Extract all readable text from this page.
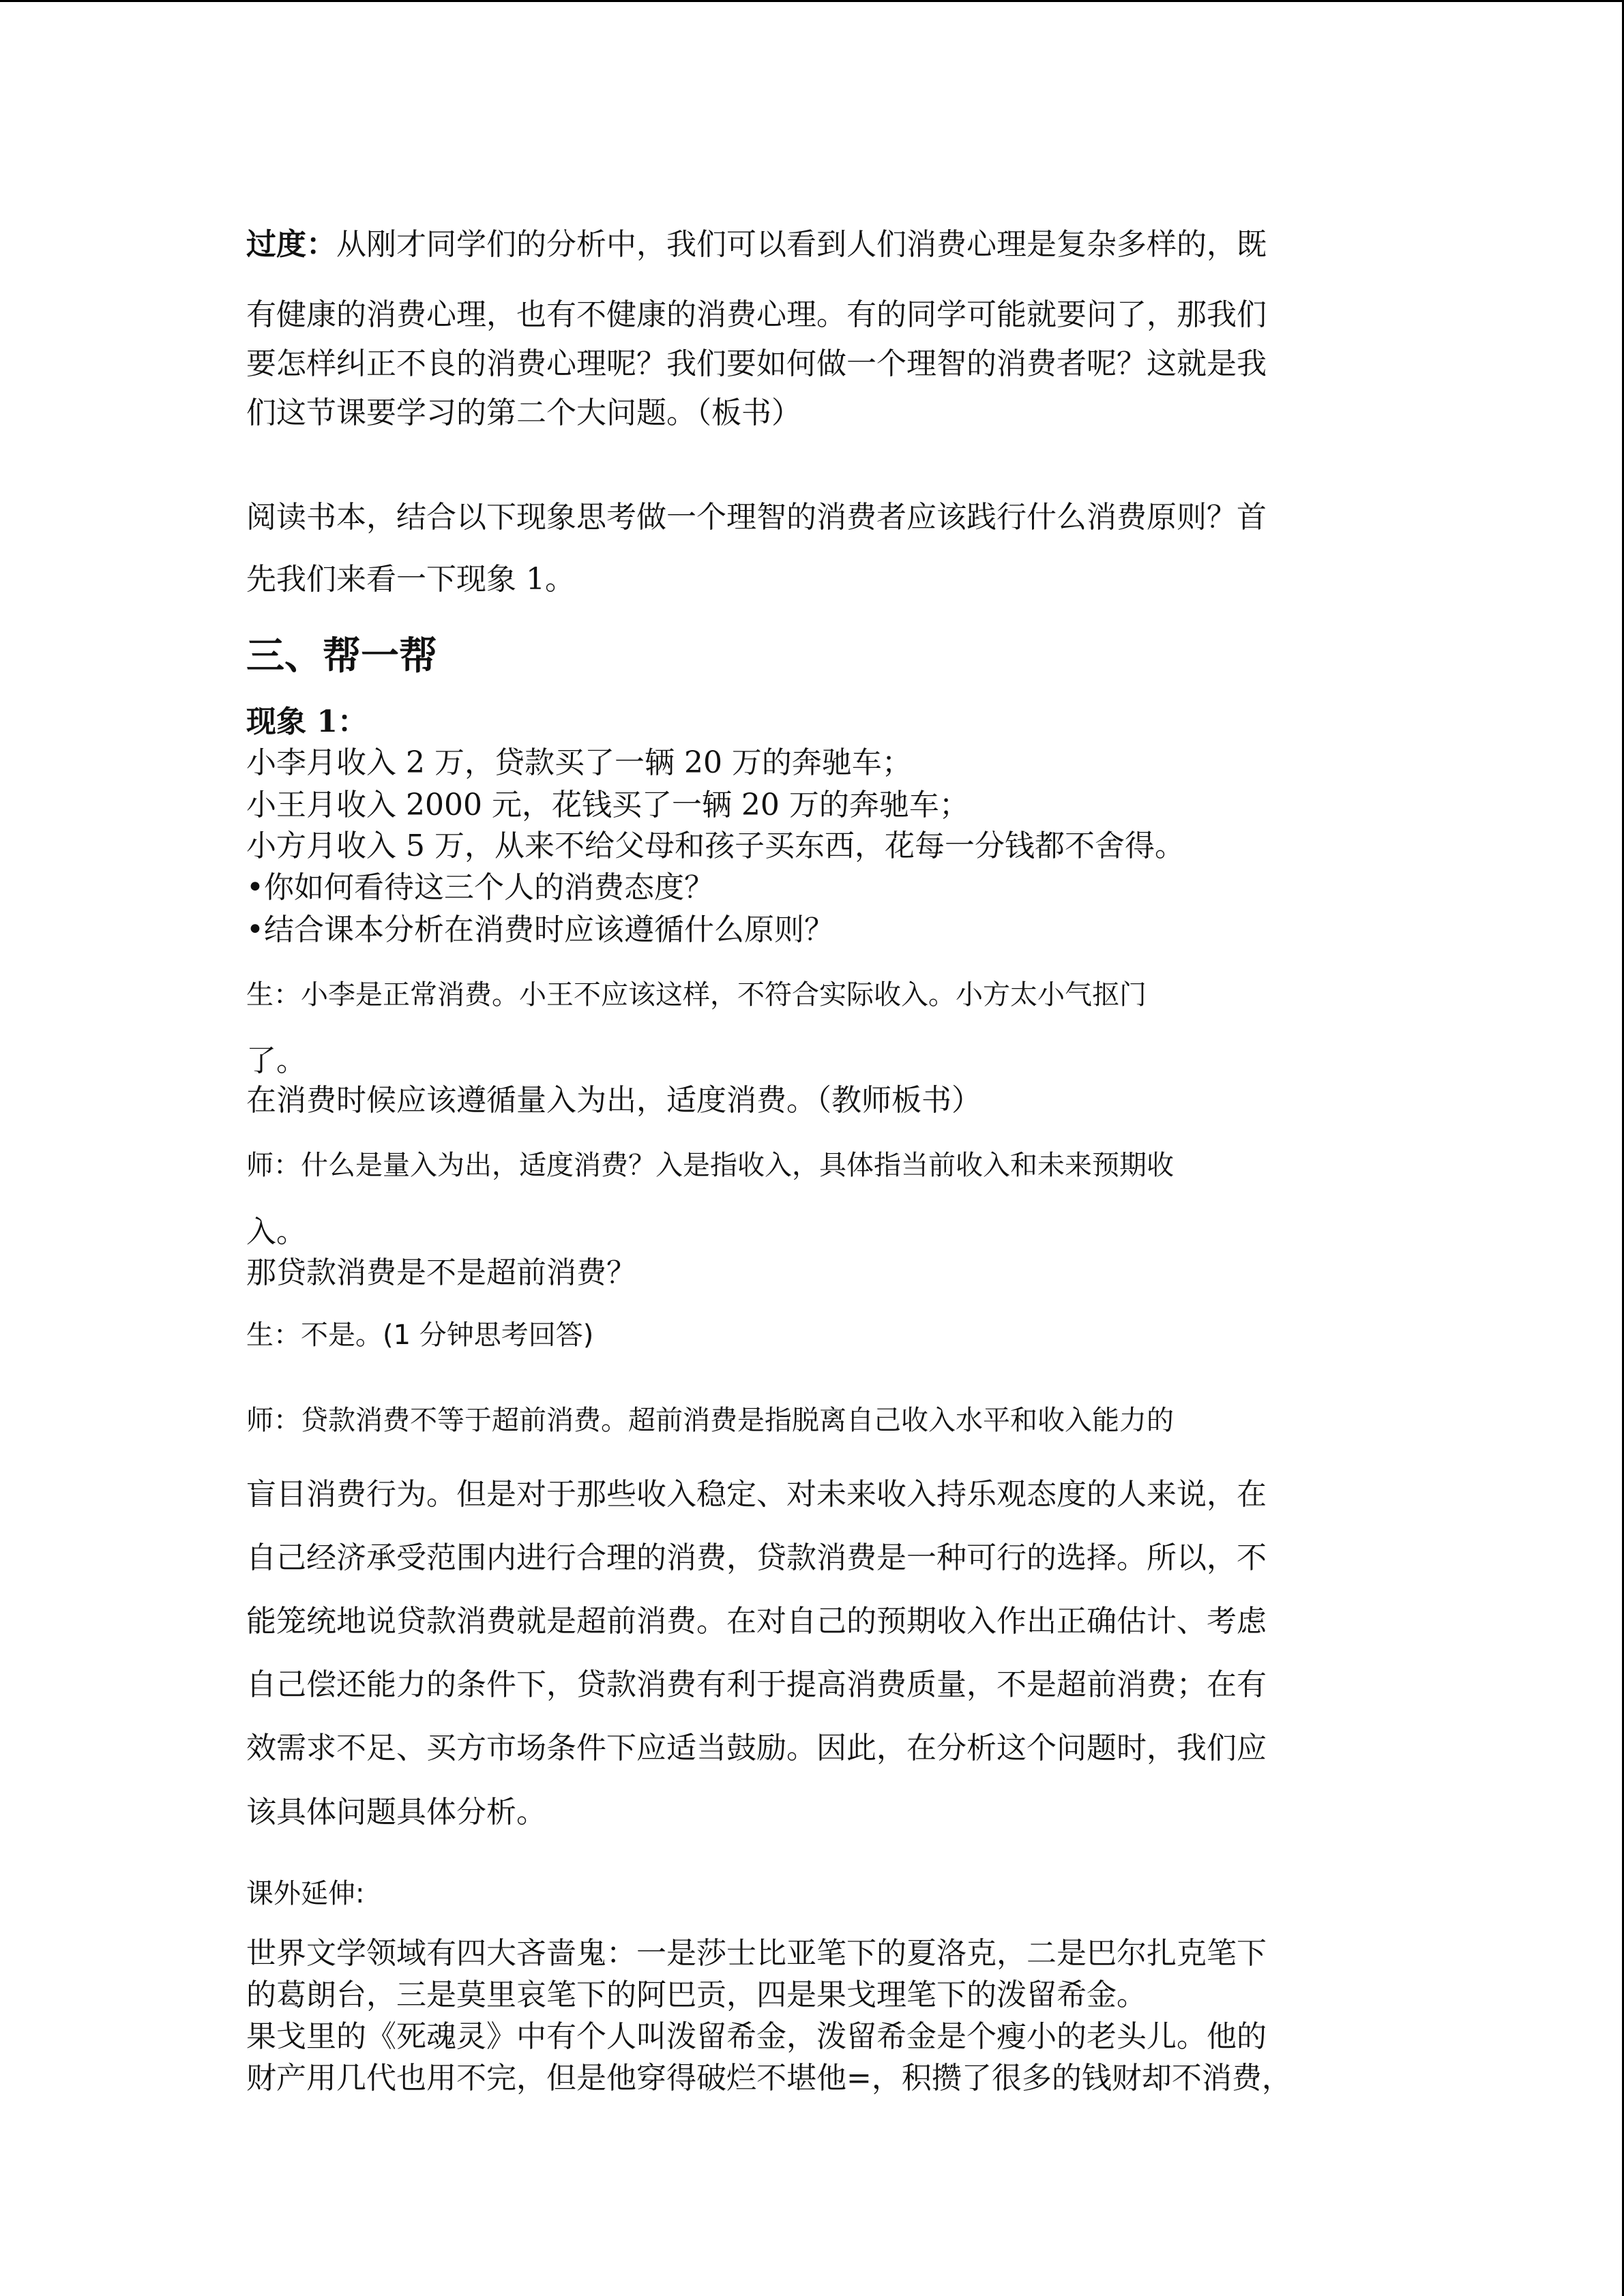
过度：从刚才同学们的分析中，我们可以看到人们消费心理是复杂多样的，既
有健康的消费心理，也有不健康的消费心理。有的同学可能就要问了，那我们
要怎样纠正不良的消费心理呢？我们要如何做一个理智的消费者呢？这就是我
们这节课要学习的第二个大问题。（板书）
阅读书本，结合以下现象思考做一个理智的消费者应该践行什么消费原则？首
先我们来看一下现象 1。
三、帮一帮
现象 1：
小李月收入 2 万，贷款买了一辆 20 万的奔驰车；
小王月收入 2000 元，花钱买了一辆 20 万的奔驰车；
小方月收入 5 万，从来不给父母和孩子买东西，花每一分钱都不舍得。
•你如何看待这三个人的消费态度？
•结合课本分析在消费时应该遵循什么原则？
生：小李是正常消费。小王不应该这样，不符合实际收入。小方太小气抠门
了。
在消费时候应该遵循量入为出，适度消费。（教师板书）
师：什么是量入为出，适度消费？入是指收入，具体指当前收入和未来预期收
入。
那贷款消费是不是超前消费？
生：不是。(1 分钟思考回答)
师：贷款消费不等于超前消费。超前消费是指脱离自己收入水平和收入能力的
盲目消费行为。但是对于那些收入稳定、对未来收入持乐观态度的人来说，在
自己经济承受范围内进行合理的消费，贷款消费是一种可行的选择。所以，不
能笼统地说贷款消费就是超前消费。在对自己的预期收入作出正确估计、考虑
自己偿还能力的条件下，贷款消费有利于提高消费质量，不是超前消费；在有
效需求不足、买方市场条件下应适当鼓励。因此，在分析这个问题时，我们应
该具体问题具体分析。
课外延伸:
世界文学领域有四大吝啬鬼：一是莎士比亚笔下的夏洛克，二是巴尔扎克笔下
的葛朗台，三是莫里哀笔下的阿巴贡，四是果戈理笔下的泼留希金。
果戈里的《死魂灵》中有个人叫泼留希金，泼留希金是个瘦小的老头儿。他的
财产用几代也用不完，但是他穿得破烂不堪他=，积攒了很多的钱财却不消费，
